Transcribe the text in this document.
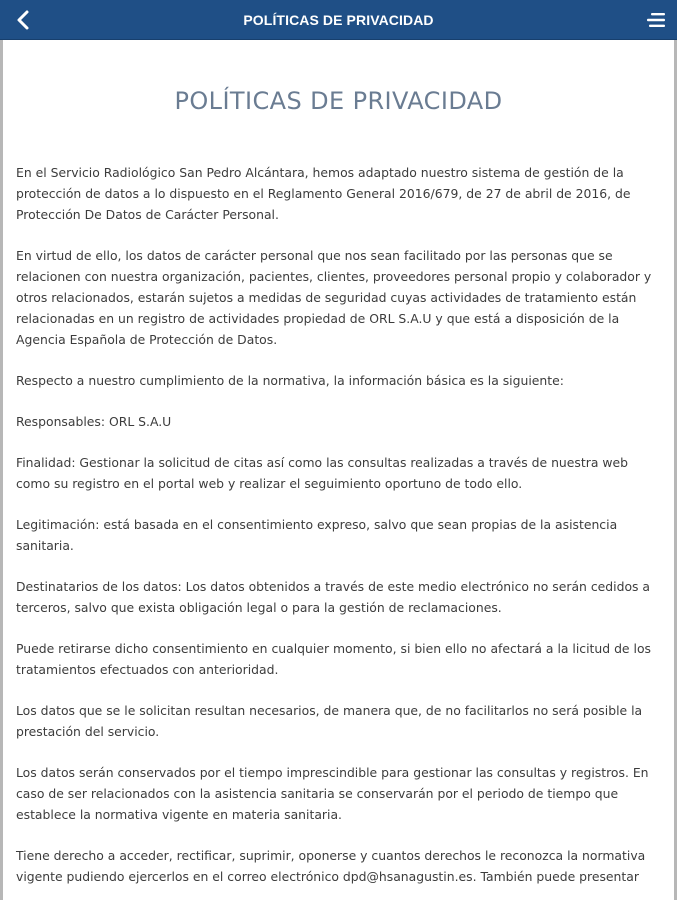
POLÍTICAS DE PRIVACIDAD
POLÍTICAS DE PRIVACIDAD

En el Servicio Radiológico San Pedro Alcántara, hemos adaptado nuestro sistema de gestión de la protección de datos a lo dispuesto en el Reglamento General 2016/679, de 27 de abril de 2016, de Protección De Datos de Carácter Personal.

En virtud de ello, los datos de carácter personal que nos sean facilitado por las personas que se relacionen con nuestra organización, pacientes, clientes, proveedores personal propio y colaborador y otros relacionados, estarán sujetos a medidas de seguridad cuyas actividades de tratamiento están relacionadas en un registro de actividades propiedad de ORL S.A.U y que está a disposición de la Agencia Española de Protección de Datos.

Respecto a nuestro cumplimiento de la normativa, la información básica es la siguiente:

Responsables: ORL S.A.U

Finalidad: Gestionar la solicitud de citas así como las consultas realizadas a través de nuestra web como su registro en el portal web y realizar el seguimiento oportuno de todo ello.

Legitimación: está basada en el consentimiento expreso, salvo que sean propias de la asistencia sanitaria.

Destinatarios de los datos: Los datos obtenidos a través de este medio electrónico no serán cedidos a terceros, salvo que exista obligación legal o para la gestión de reclamaciones.

Puede retirarse dicho consentimiento en cualquier momento, si bien ello no afectará a la licitud de los tratamientos efectuados con anterioridad.

Los datos que se le solicitan resultan necesarios, de manera que, de no facilitarlos no será posible la prestación del servicio.

Los datos serán conservados por el tiempo imprescindible para gestionar las consultas y registros. En caso de ser relacionados con la asistencia sanitaria se conservarán por el periodo de tiempo que establece la normativa vigente en materia sanitaria.

Tiene derecho a acceder, rectificar, suprimir, oponerse y cuantos derechos le reconozca la normativa vigente pudiendo ejercerlos en el correo electrónico dpd@hsanagustin.es. También puede presentar
